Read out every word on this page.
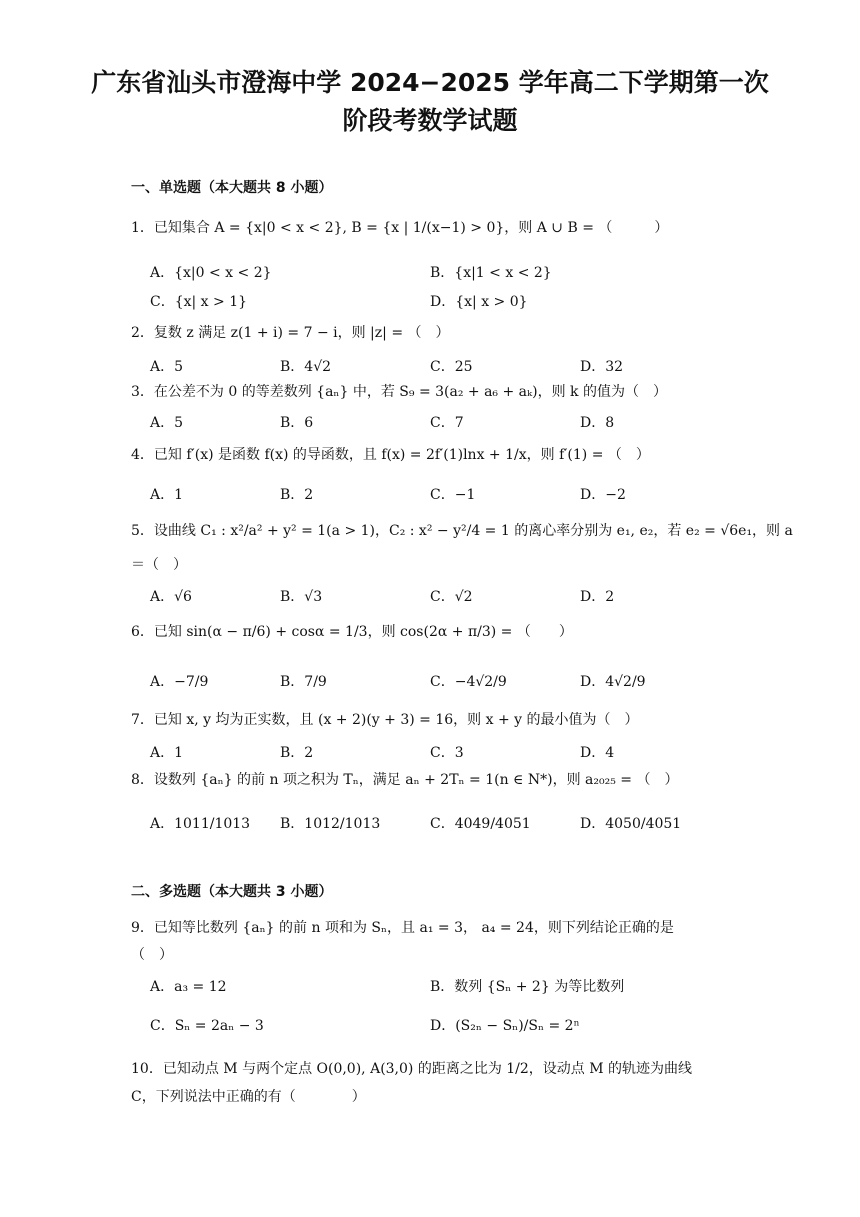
广东省汕头市澄海中学 2024−2025 学年高二下学期第一次
阶段考数学试题
一、单选题（本大题共 8 小题）
1．已知集合 A = {x|0 < x < 2}, B = {x | 1/(x−1) > 0}，则 A ∪ B = （　　　）
A．{x|0 < x < 2}	B．{x|1 < x < 2}
C．{x| x > 1}	D．{x| x > 0}
2．复数 z 满足 z(1 + i) = 7 − i，则 |z| = （　）
A．5	B．4√2	C．25	D．32
3．在公差不为 0 的等差数列 {aₙ} 中，若 S₉ = 3(a₂ + a₆ + aₖ)，则 k 的值为（　）
A．5	B．6	C．7	D．8
4．已知 f′(x) 是函数 f(x) 的导函数，且 f(x) = 2f′(1)lnx + 1/x，则 f′(1) = （　）
A．1	B．2	C．−1	D．−2
5．设曲线 C₁ : x²/a² + y² = 1(a > 1)，C₂ : x² − y²/4 = 1 的离心率分别为 e₁, e₂，若 e₂ = √6e₁，则 a
＝（　）
A．√6	B．√3	C．√2	D．2
6．已知 sin(α − π/6) + cosα = 1/3，则 cos(2α + π/3) = （　　）
A．−7/9	B．7/9	C．−4√2/9	D．4√2/9
7．已知 x, y 均为正实数，且 (x + 2)(y + 3) = 16，则 x + y 的最小值为（　）
A．1	B．2	C．3	D．4
8．设数列 {aₙ} 的前 n 项之积为 Tₙ，满足 aₙ + 2Tₙ = 1(n ∈ N*)，则 a₂₀₂₅ = （　）
A．1011/1013 B．1012/1013	C．4049/4051	D．4050/4051
二、多选题（本大题共 3 小题）
9．已知等比数列 {aₙ} 的前 n 项和为 Sₙ，且 a₁ = 3， a₄ = 24，则下列结论正确的是
（　）
A．a₃ = 12	B．数列 {Sₙ + 2} 为等比数列
C．Sₙ = 2aₙ − 3	D．(S₂ₙ − Sₙ)/Sₙ = 2ⁿ
10．已知动点 M 与两个定点 O(0,0), A(3,0) 的距离之比为 1/2，设动点 M 的轨迹为曲线
C，下列说法中正确的有（　　　　）
